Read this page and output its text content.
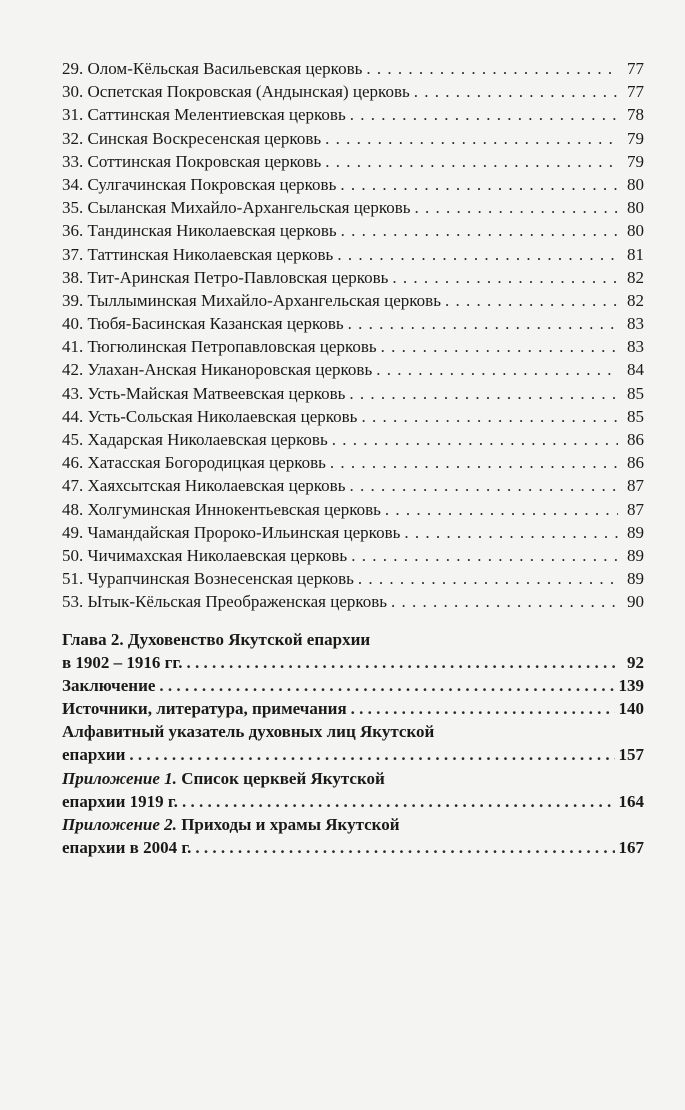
29. Олом-Кёльская Васильевская церковь . . .	77
30. Оспетская Покровская (Андынская) церковь . . .	77
31. Саттинская Мелентиевская церковь . . .	78
32. Синская Воскресенская церковь . . .	79
33. Соттинская Покровская церковь . . .	79
34. Сулгачинская Покровская церковь . . .	80
35. Сыланская Михайло-Архангельская церковь . . .	80
36. Тандинская Николаевская церковь . . .	80
37. Таттинская Николаевская церковь . . .	81
38. Тит-Аринская Петро-Павловская церковь . . .	82
39. Тыллыминская Михайло-Архангельская церковь . . .	82
40. Тюбя-Басинская Казанская церковь . . .	83
41. Тюгюлинская Петропавловская церковь . . .	83
42. Улахан-Анская Никаноровская церковь . . .	84
43. Усть-Майская Матвеевская церковь . . .	85
44. Усть-Сольская Николаевская церковь . . .	85
45. Хадарская Николаевская церковь . . .	86
46. Хатасская Богородицкая церковь . . .	86
47. Хаяхсытская Николаевская церковь . . .	87
48. Холгуминская Иннокентьевская церковь . . .	87
49. Чамандайская Пророко-Ильинская церковь . . .	89
50. Чичимахская Николаевская церковь . . .	89
51. Чурапчинская Вознесенская церковь . . .	89
53. Ытык-Кёльская Преображенская церковь . . .	90
Глава 2. Духовенство Якутской епархии
в 1902 – 1916 гг. . . .	92
Заключение . . .	139
Источники, литература, примечания . . .	140
Алфавитный указатель духовных лиц Якутской
епархии . . .	157
Приложение 1. Список церквей Якутской
епархии 1919 г. . . .	164
Приложение 2. Приходы и храмы Якутской
епархии в 2004 г. . . .	167
